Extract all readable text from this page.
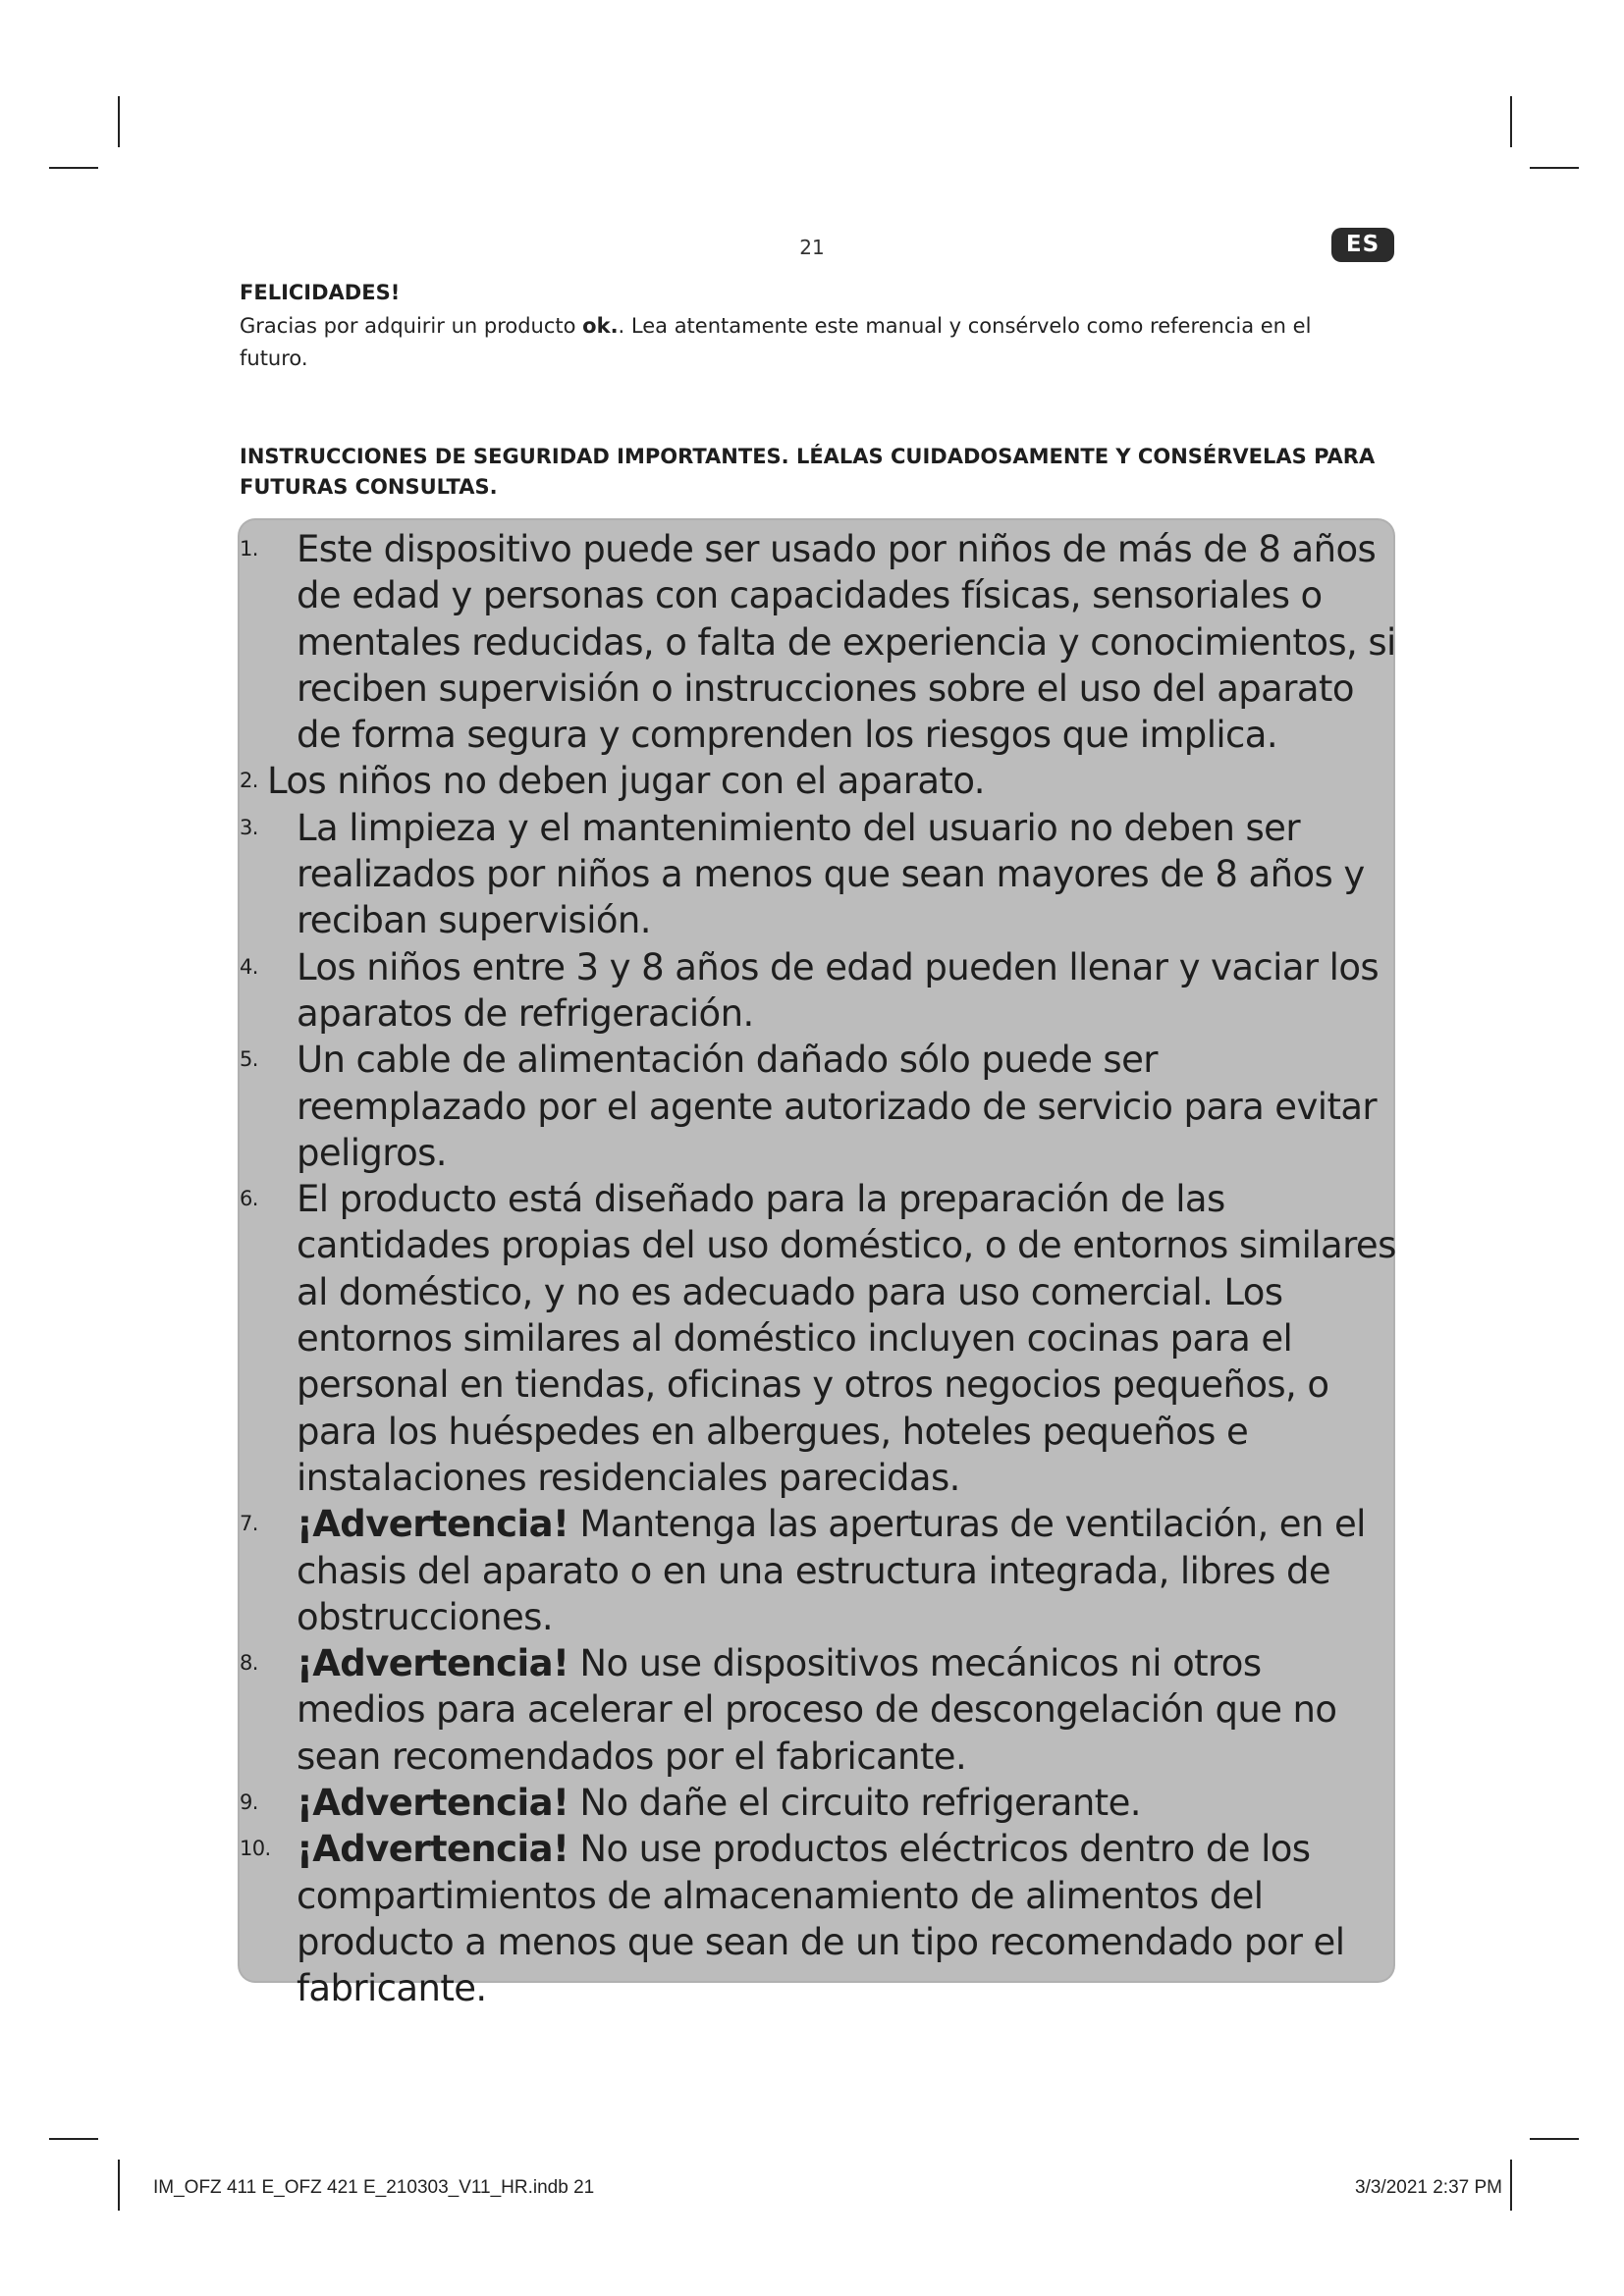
21	ES
FELICIDADES!
Gracias por adquirir un producto ok.. Lea atentamente este manual y consérvelo como referencia en el futuro.
INSTRUCCIONES DE SEGURIDAD IMPORTANTES. LÉALAS CUIDADOSAMENTE Y CONSÉRVELAS PARA FUTURAS CONSULTAS.
1. Este dispositivo puede ser usado por niños de más de 8 años de edad y personas con capacidades físicas, sensoriales o mentales reducidas, o falta de experiencia y conocimientos, si reciben supervisión o instrucciones sobre el uso del aparato de forma segura y comprenden los riesgos que implica.
2. Los niños no deben jugar con el aparato.
3. La limpieza y el mantenimiento del usuario no deben ser realizados por niños a menos que sean mayores de 8 años y reciban supervisión.
4. Los niños entre 3 y 8 años de edad pueden llenar y vaciar los aparatos de refrigeración.
5. Un cable de alimentación dañado sólo puede ser reemplazado por el agente autorizado de servicio para evitar peligros.
6. El producto está diseñado para la preparación de las cantidades propias del uso doméstico, o de entornos similares al doméstico, y no es adecuado para uso comercial. Los entornos similares al doméstico incluyen cocinas para el personal en tiendas, oficinas y otros negocios pequeños, o para los huéspedes en albergues, hoteles pequeños e instalaciones residenciales parecidas.
7. ¡Advertencia! Mantenga las aperturas de ventilación, en el chasis del aparato o en una estructura integrada, libres de obstrucciones.
8. ¡Advertencia! No use dispositivos mecánicos ni otros medios para acelerar el proceso de descongelación que no sean recomendados por el fabricante.
9. ¡Advertencia! No dañe el circuito refrigerante.
10. ¡Advertencia! No use productos eléctricos dentro de los compartimientos de almacenamiento de alimentos del producto a menos que sean de un tipo recomendado por el fabricante.
IM_OFZ 411 E_OFZ 421 E_210303_V11_HR.indb 21	3/3/2021 2:37 PM
